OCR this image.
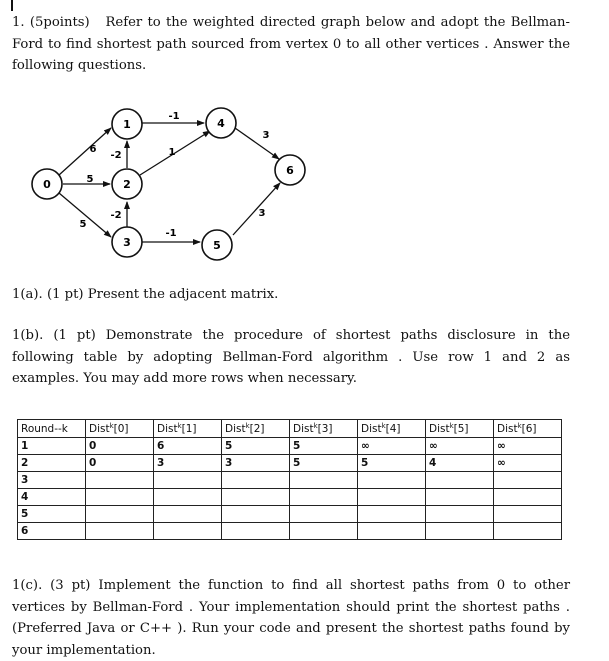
1. (5points) Refer to the weighted directed graph below and adopt the Bellman-Ford to find shortest path sourced from vertex 0 to all other vertices . Answer the following questions.

6
5
5
-1
-2	1
-2
-1
3
3
0
1
2
3
4
5
6

1(a). (1 pt) Present the adjacent matrix.

1(b). (1 pt) Demonstrate the procedure of shortest paths disclosure in the following table by adopting Bellman-Ford algorithm . Use row 1 and 2 as examples. You may add more rows when necessary.

Round--k	Dist$^k$[0]	Dist$^k$[1]	Dist$^k$[2]	Dist$^k$[3]	Dist$^k$[4]	Dist$^k$[5]	Dist$^k$[6]
1	0	6	5	5	∞	∞	∞
2	0	3	3	5	5	4	∞
3							
4							
5							
6							

1(c). (3 pt) Implement the function to find all shortest paths from 0 to other vertices by Bellman-Ford . Your implementation should print the shortest paths . (Preferred Java or C++ ). Run your code and present the shortest paths found by your implementation.
